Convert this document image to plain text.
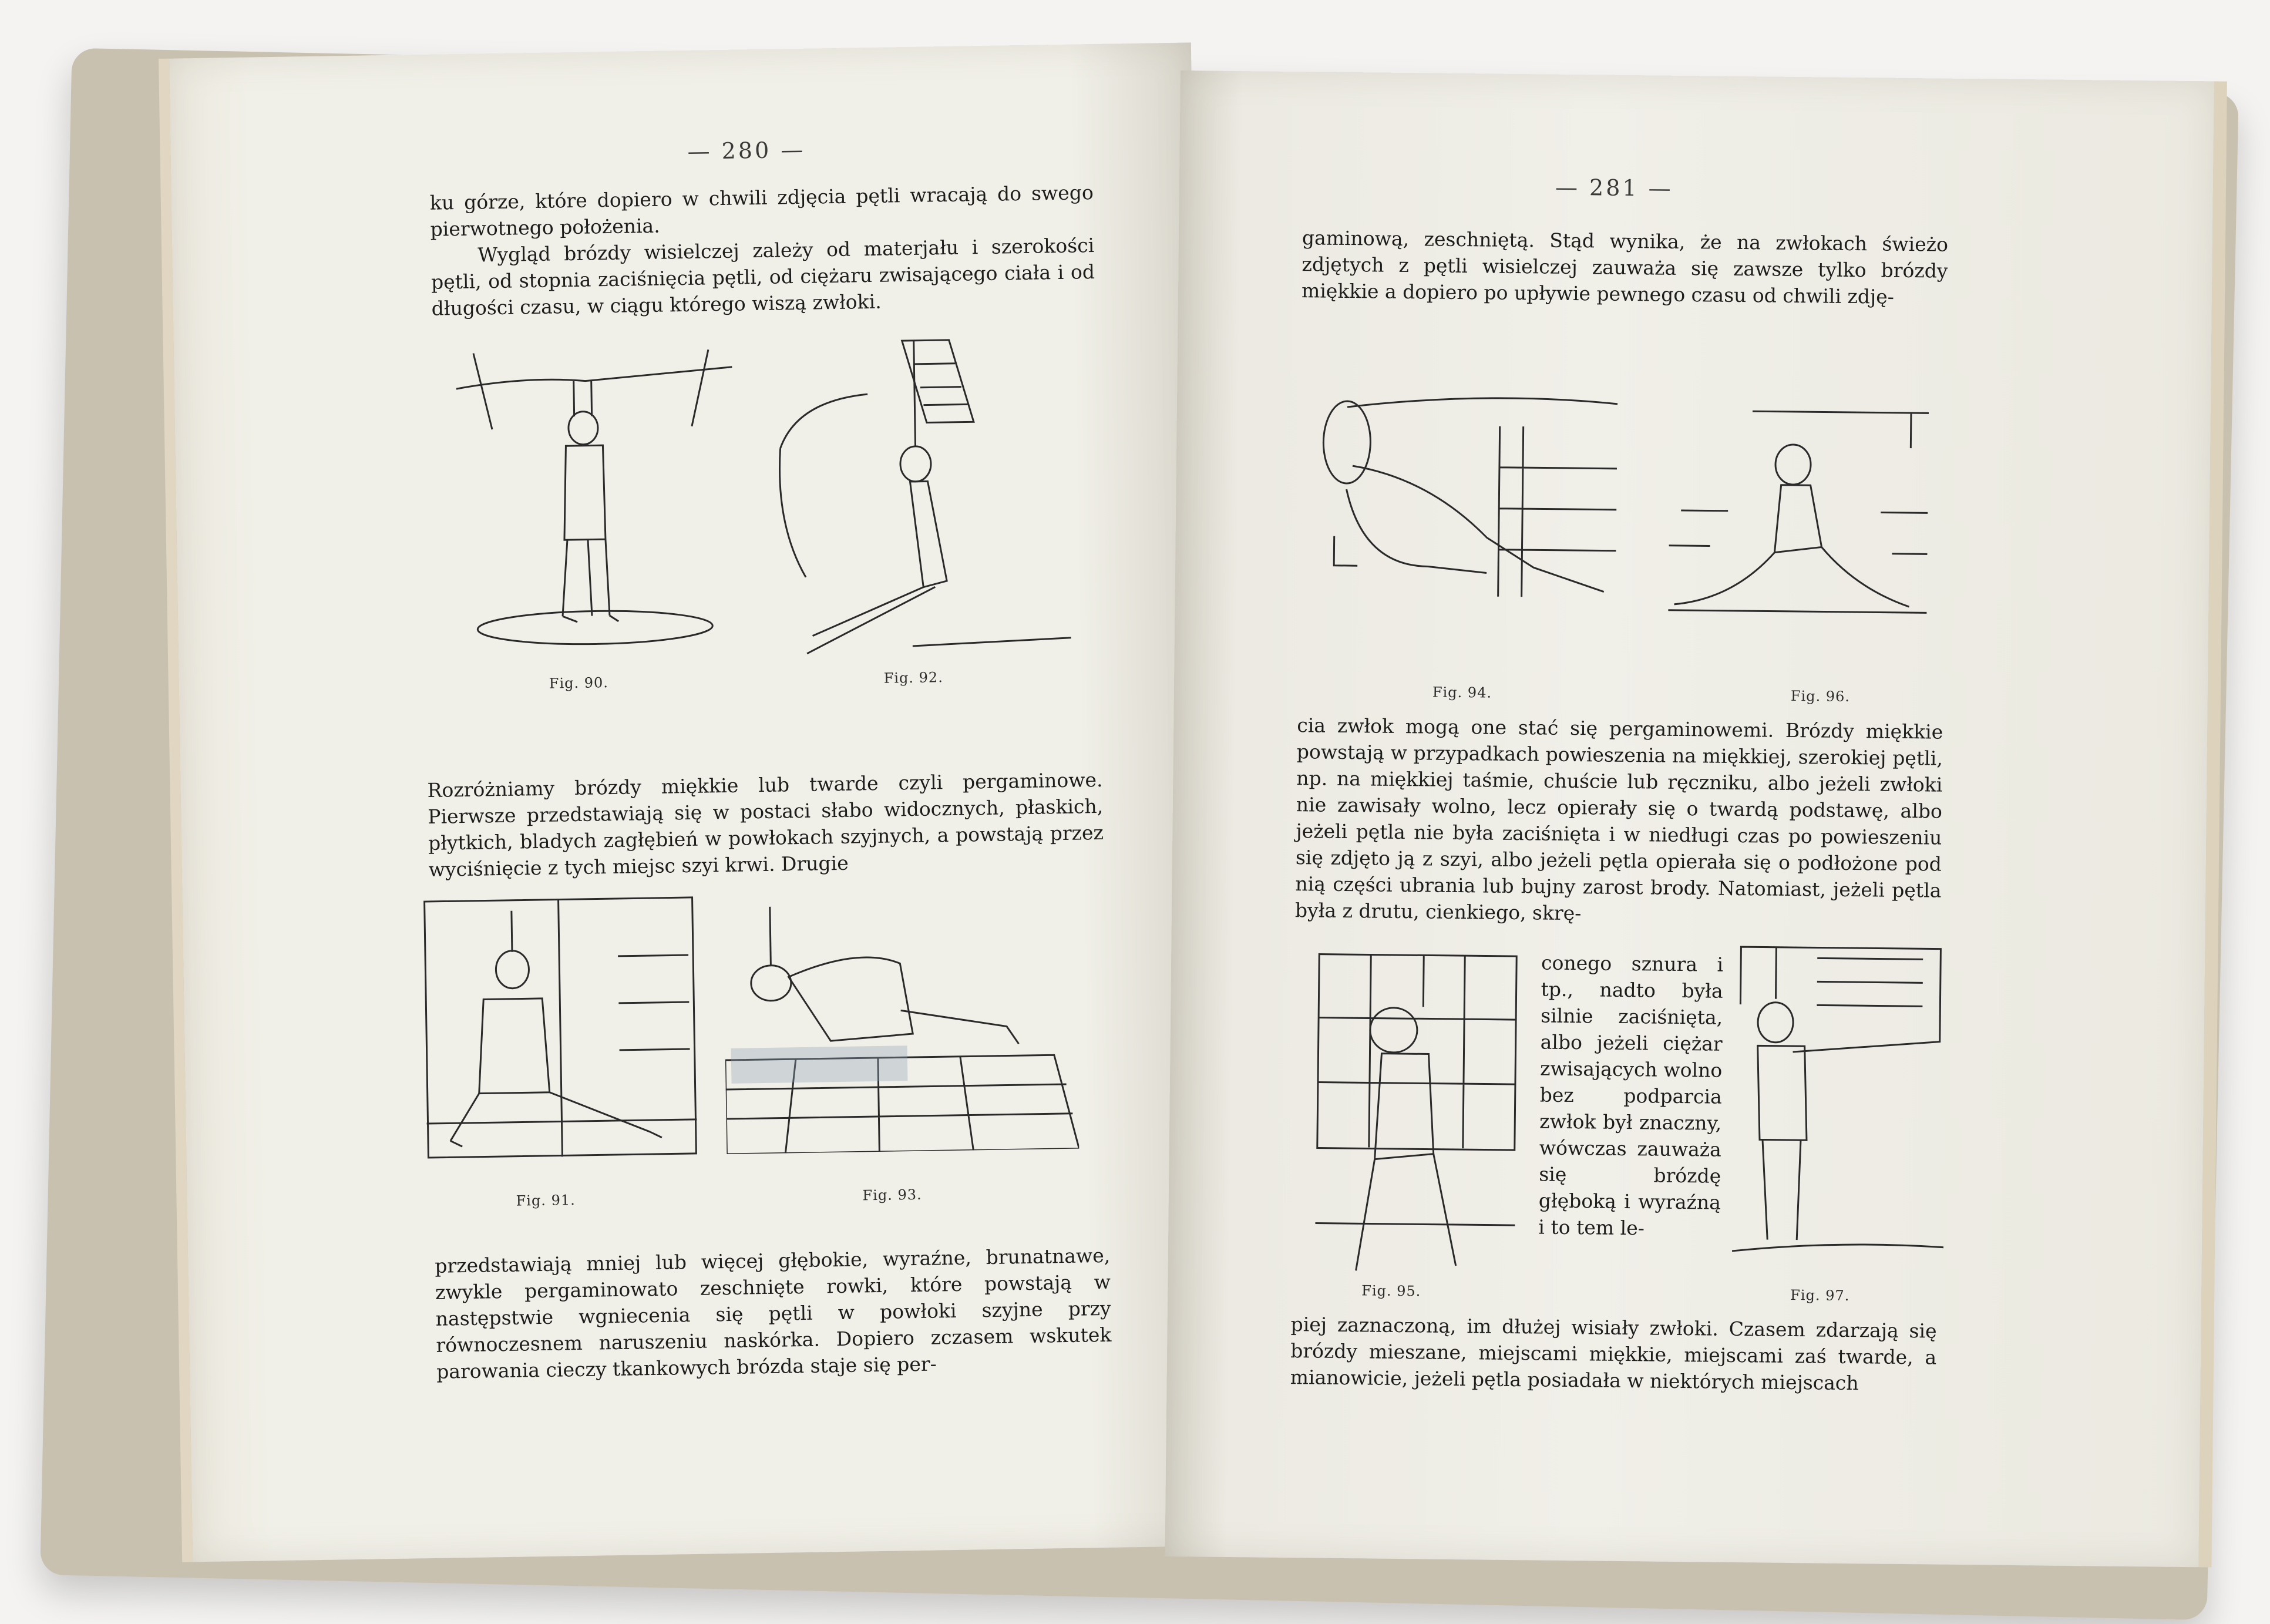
— 280 —

ku górze, które dopiero w chwili zdjęcia pętli wracają do swego pierwotnego położenia.

Wygląd brózdy wisielczej zależy od materjału i szerokości pętli, od stopnia zaciśnięcia pętli, od ciężaru zwisającego ciała i od długości czasu, w ciągu którego wiszą zwłoki.

Fig. 90.	Fig. 92.

Rozróżniamy brózdy miękkie lub twarde czyli pergaminowe. Pierwsze przedstawiają się w postaci słabo widocznych, płaskich, płytkich, bladych zagłębień w powłokach szyjnych, a powstają przez wyciśnięcie z tych miejsc szyi krwi. Drugie

Fig. 91.	Fig. 93.

przedstawiają mniej lub więcej głębokie, wyraźne, brunatnawe, zwykle pergaminowato zeschnięte rowki, które powstają w następstwie wgniecenia się pętli w powłoki szyjne przy równoczesnem naruszeniu naskórka. Dopiero zczasem wskutek parowania cieczy tkankowych brózda staje się per-

— 281 —

gaminową, zeschniętą. Stąd wynika, że na zwłokach świeżo zdjętych z pętli wisielczej zauważa się zawsze tylko brózdy miękkie a dopiero po upływie pewnego czasu od chwili zdję-

Fig. 94.	Fig. 96.

cia zwłok mogą one stać się pergaminowemi. Brózdy miękkie powstają w przypadkach powieszenia na miękkiej, szerokiej pętli, np. na miękkiej taśmie, chuście lub ręczniku, albo jeżeli zwłoki nie zawisały wolno, lecz opierały się o twardą podstawę, albo jeżeli pętla nie była zaciśnięta i w niedługi czas po powieszeniu się zdjęto ją z szyi, albo jeżeli pętla opierała się o podłożone pod nią części ubrania lub bujny zarost brody. Natomiast, jeżeli pętla była z drutu, cienkiego, skrę-

Fig. 95.

conego sznura i tp., nadto była silnie zaciśnięta, albo jeżeli ciężar zwisających wolno bez podparcia zwłok był znaczny, wówczas zauważa się brózdę głęboką i wyraźną i to tem le-

Fig. 97.

piej zaznaczoną, im dłużej wisiały zwłoki. Czasem zdarzają się brózdy mieszane, miejscami miękkie, miejscami zaś twarde, a mianowicie, jeżeli pętla posiadała w niektórych miejscach
